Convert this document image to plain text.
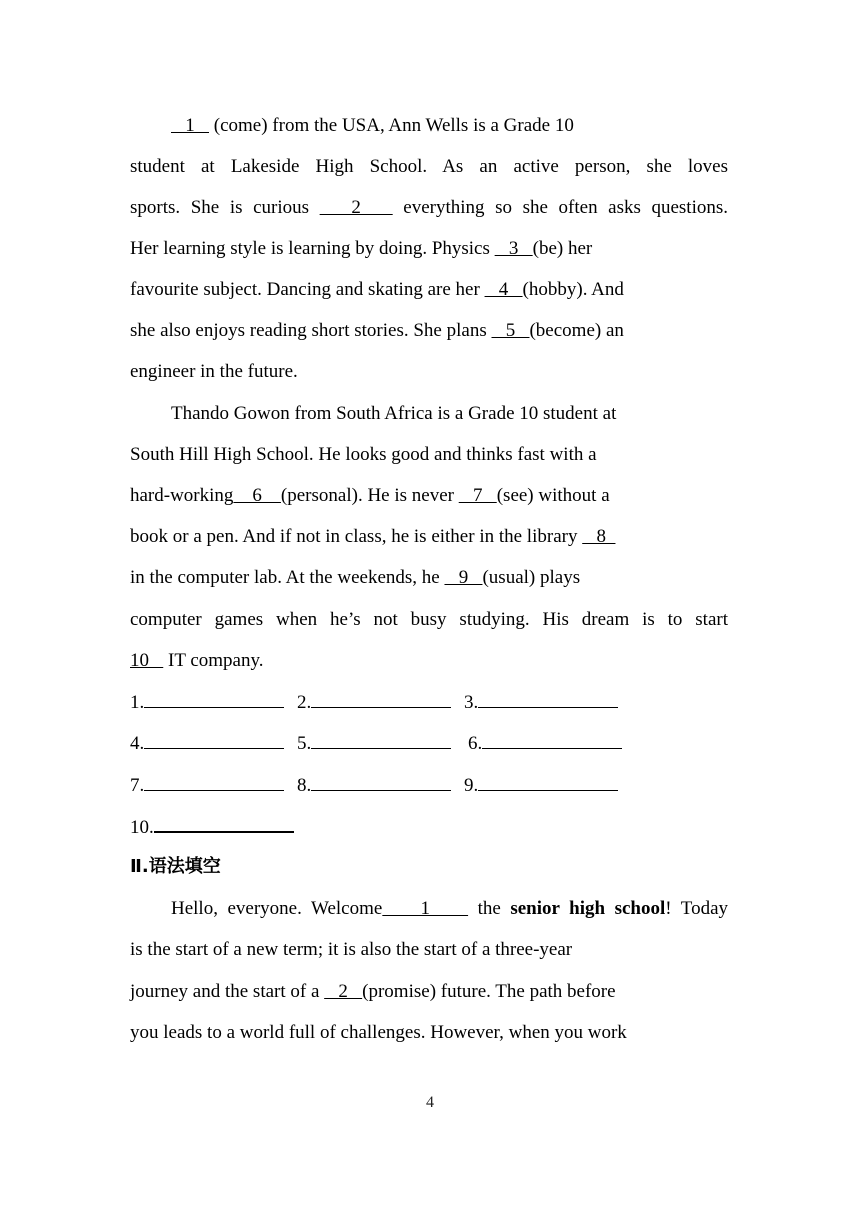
1    (come) from the USA, Ann Wells is a Grade 10
student at Lakeside High School. As an active person, she loves
sports. She is curious    2    everything so she often asks questions.
Her learning style is learning by doing. Physics    3   (be) her
favourite subject. Dancing and skating are her    4   (hobby). And
she also enjoys reading short stories. She plans    5   (become) an
engineer in the future.
Thando Gowon from South Africa is a Grade 10 student at
South Hill High School. He looks good and thinks fast with a
hard-working    6    (personal). He is never    7   (see) without a
book or a pen. And if not in class, he is either in the library    8
in the computer lab. At the weekends, he    9   (usual) plays
computer games when he’s not busy studying. His dream is to start
10    IT company.
1.	2.	3.
4.	5.	6.
7.	8.	9.
10.
Ⅱ.语法填空
Hello, everyone. Welcome    1     the senior high school! Today
is the start of a new term; it is also the start of a three-year
journey and the start of a    2   (promise) future. The path before
you leads to a world full of challenges. However, when you work
4
